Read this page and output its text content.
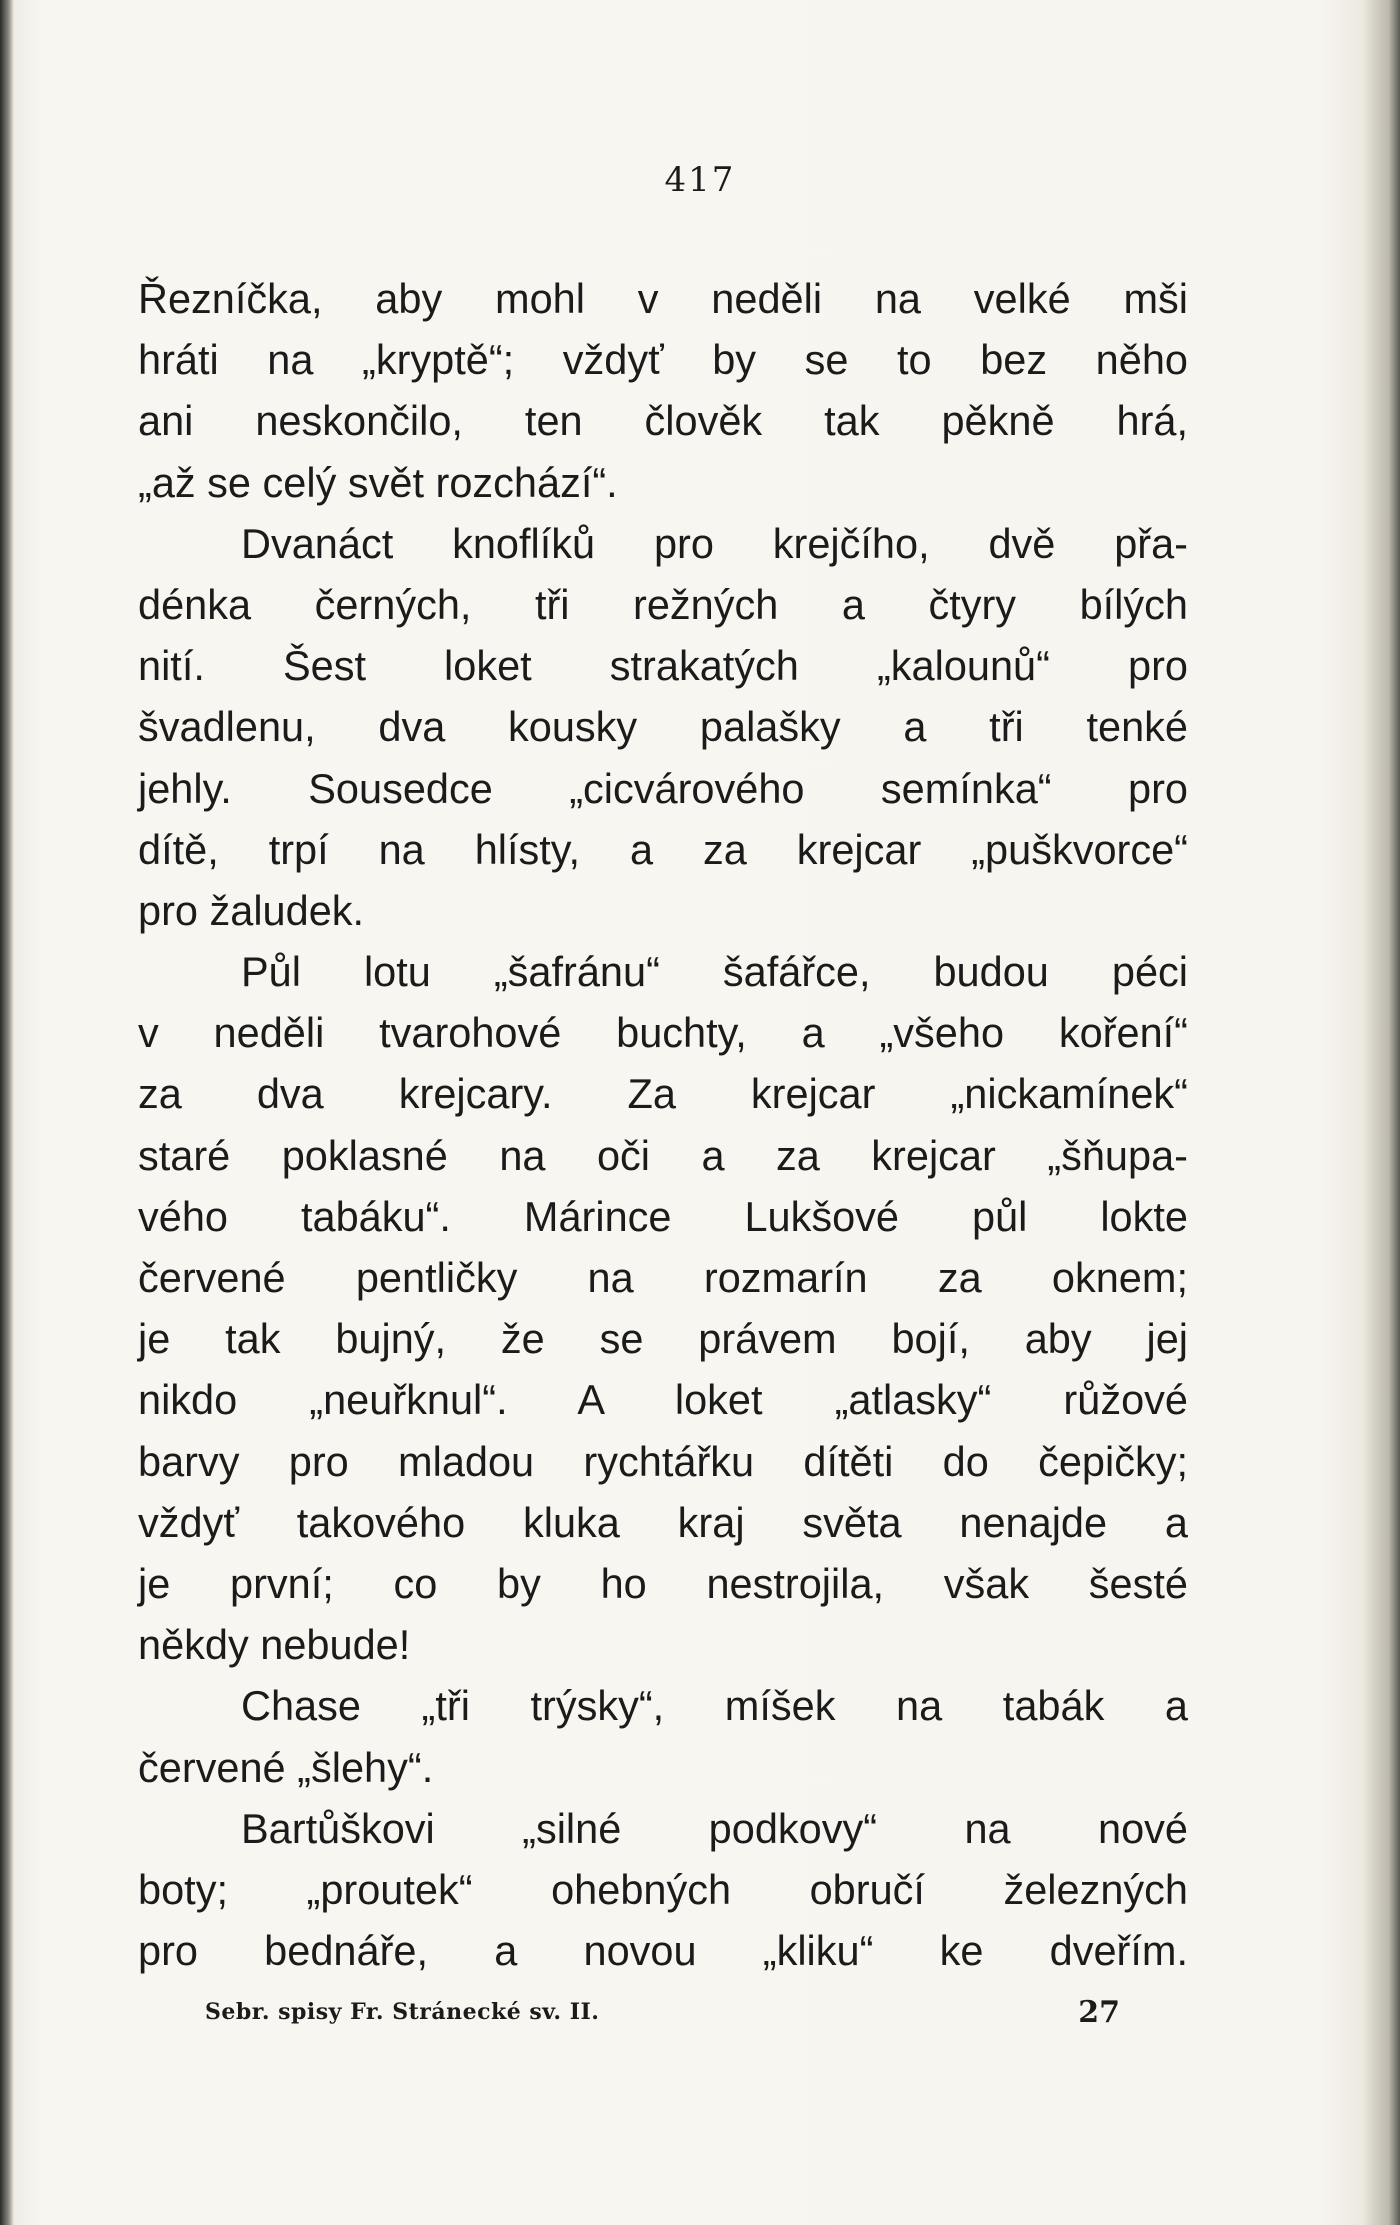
417
Řezníčka, aby mohl v neděli na velké mši
hráti na „kryptě“; vždyť by se to bez něho
ani neskončilo, ten člověk tak pěkně hrá,
„až se celý svět rozchází“.
Dvanáct knoflíků pro krejčího, dvě přa-
dénka černých, tři režných a čtyry bílých
nití. Šest loket strakatých „kalounů“ pro
švadlenu, dva kousky palašky a tři tenké
jehly. Sousedce „cicvárového semínka“ pro
dítě, trpí na hlísty, a za krejcar „puškvorce“
pro žaludek.
Půl lotu „šafránu“ šafářce, budou péci
v neděli tvarohové buchty, a „všeho koření“
za dva krejcary. Za krejcar „nickamínek“
staré poklasné na oči a za krejcar „šňupa-
vého tabáku“. Márince Lukšové půl lokte
červené pentličky na rozmarín za oknem;
je tak bujný, že se právem bojí, aby jej
nikdo „neuřknul“. A loket „atlasky“ růžové
barvy pro mladou rychtářku dítěti do čepičky;
vždyť takového kluka kraj světa nenajde a
je první; co by ho nestrojila, však šesté
někdy nebude!
Chase „tři trýsky“, míšek na tabák a
červené „šlehy“.
Bartůškovi „silné podkovy“ na nové
boty; „proutek“ ohebných obručí železných
pro bednáře, a novou „kliku“ ke dveřím.
Sebr. spisy Fr. Stránecké sv. II.	27
